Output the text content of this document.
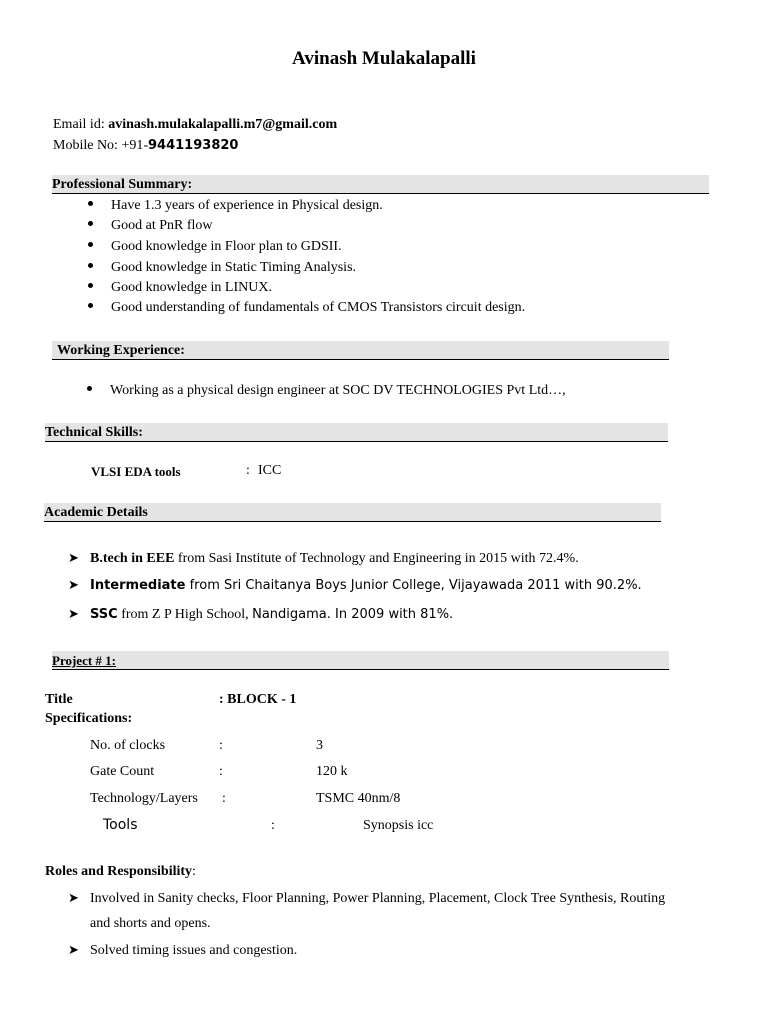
Avinash Mulakalapalli
Email id: avinash.mulakalapalli.m7@gmail.com
Mobile No: +91-9441193820
Professional Summary:
Have 1.3 years of experience in Physical design.
Good at PnR flow
Good knowledge in Floor plan to GDSII.
Good knowledge in Static Timing Analysis.
Good knowledge in LINUX.
Good understanding of fundamentals of CMOS Transistors circuit design.
Working Experience:
Working as a physical design engineer at SOC DV TECHNOLOGIES Pvt Ltd…,
Technical Skills:
VLSI EDA tools	: ICC
Academic Details
➤ B.tech in EEE from Sasi Institute of Technology and Engineering in 2015 with 72.4%.
➤ Intermediate from Sri Chaitanya Boys Junior College, Vijayawada 2011 with 90.2%.
➤ SSC from Z P High School, Nandigama. In 2009 with 81%.
Project # 1:
Title	: BLOCK - 1
Specifications:
No. of clocks	:	3
Gate Count	:	120 k
Technology/Layers :	TSMC 40nm/8
Tools	:	Synopsis icc
Roles and Responsibility:
➤ Involved in Sanity checks, Floor Planning, Power Planning, Placement, Clock Tree Synthesis, Routing
and shorts and opens.
➤ Solved timing issues and congestion.
